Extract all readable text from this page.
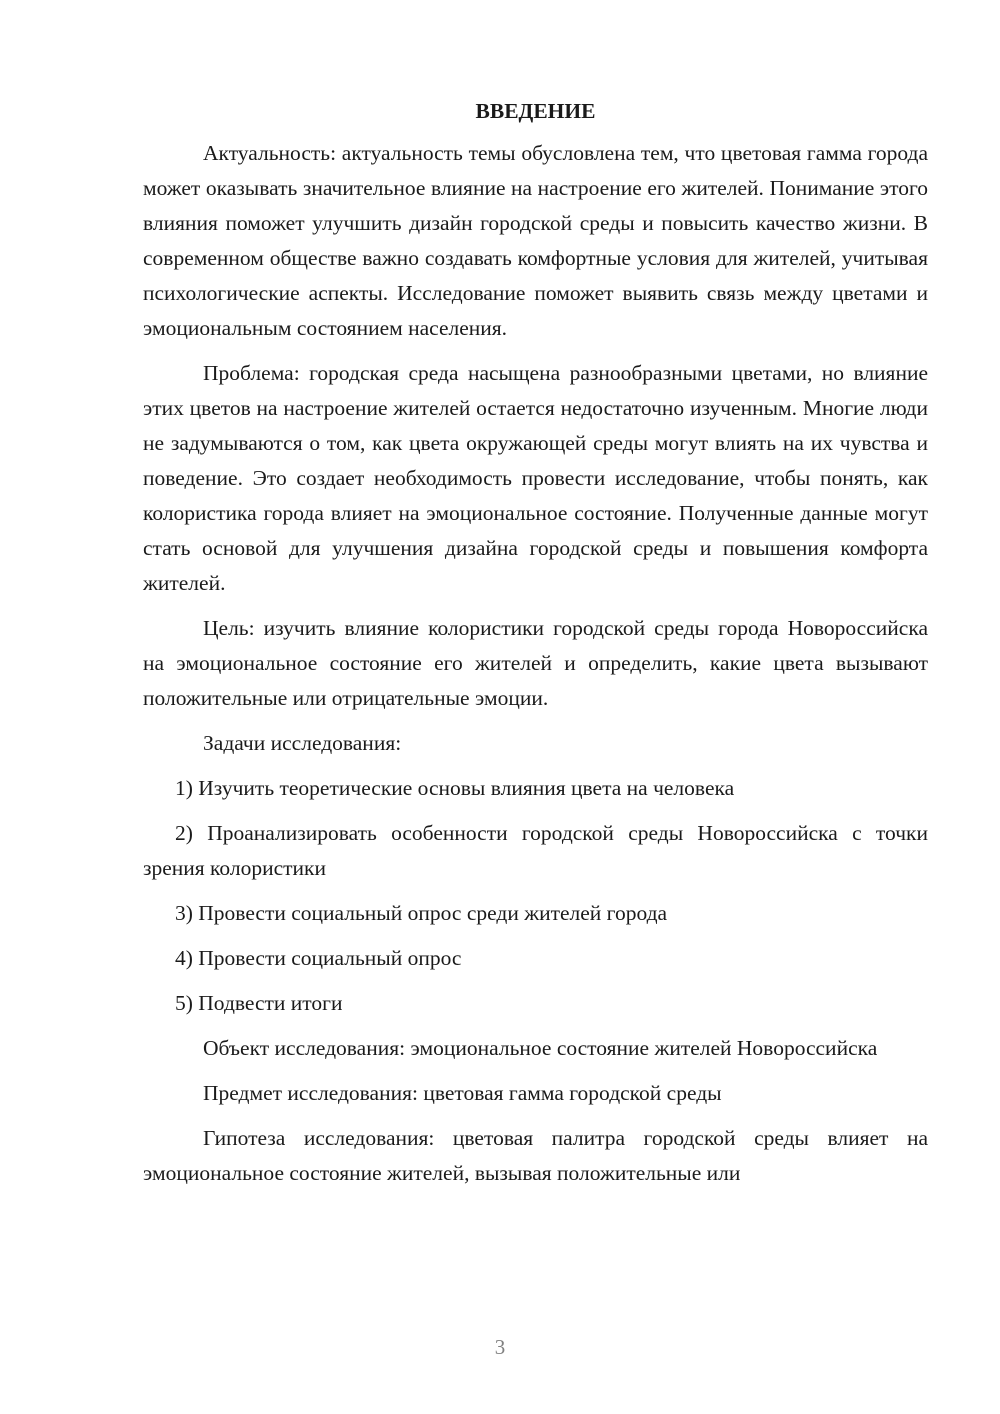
ВВЕДЕНИЕ

Актуальность: актуальность темы обусловлена тем, что цветовая гамма города может оказывать значительное влияние на настроение его жителей. Понимание этого влияния поможет улучшить дизайн городской среды и повысить качество жизни. В современном обществе важно создавать комфортные условия для жителей, учитывая психологические аспекты. Исследование поможет выявить связь между цветами и эмоциональным состоянием населения.

Проблема: городская среда насыщена разнообразными цветами, но влияние этих цветов на настроение жителей остается недостаточно изученным. Многие люди не задумываются о том, как цвета окружающей среды могут влиять на их чувства и поведение. Это создает необходимость провести исследование, чтобы понять, как колористика города влияет на эмоциональное состояние. Полученные данные могут стать основой для улучшения дизайна городской среды и повышения комфорта жителей.

Цель: изучить влияние колористики городской среды города Новороссийска на эмоциональное состояние его жителей и определить, какие цвета вызывают положительные или отрицательные эмоции.

Задачи исследования:

1) Изучить теоретические основы влияния цвета на человека

2) Проанализировать особенности городской среды Новороссийска с точки зрения колористики

3) Провести социальный опрос среди жителей города

4) Провести социальный опрос

5) Подвести итоги

Объект исследования: эмоциональное состояние жителей Новороссийска

Предмет исследования: цветовая гамма городской среды

Гипотеза исследования: цветовая палитра городской среды влияет на эмоциональное состояние жителей, вызывая положительные или

3
